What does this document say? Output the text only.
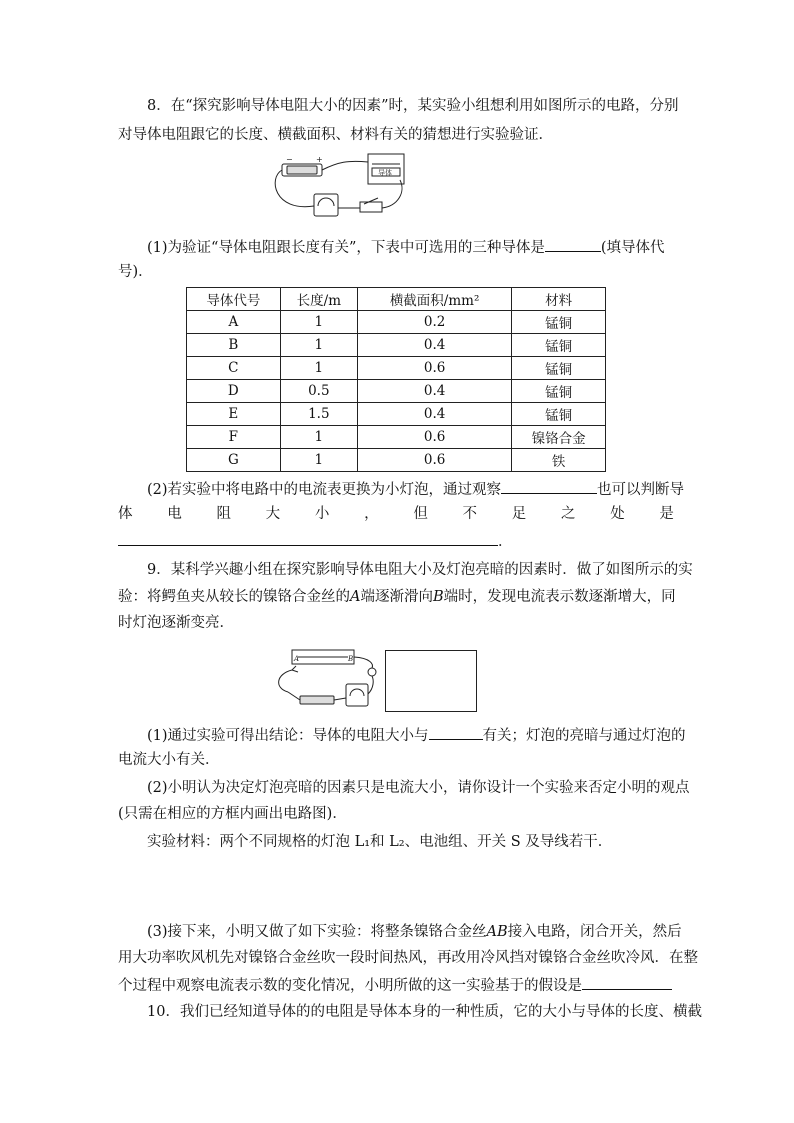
8．在“探究影响导体电阻大小的因素”时，某实验小组想利用如图所示的电路，分别
对导体电阻跟它的长度、横截面积、材料有关的猜想进行实验验证．
−	+
导体
(1)为验证“导体电阻跟长度有关”，下表中可选用的三种导体是	(填导体代
号)．
导体代号	长度/m	横截面积/mm²	材料
A	1	0.2	锰铜
B	1	0.4	锰铜
C	1	0.6	锰铜
D	0.5	0.4	锰铜
E	1.5	0.4	锰铜
F	1	0.6	镍铬合金
G	1	0.6	铁
(2)若实验中将电路中的电流表更换为小灯泡，通过观察	也可以判断导
体 电 阻 大 小 ， 但 不 足 之 处 是
．
9．某科学兴趣小组在探究影响导体电阻大小及灯泡亮暗的因素时．做了如图所示的实
验：将鳄鱼夹从较长的镍铬合金丝的A端逐渐滑向B端时，发现电流表示数逐渐增大，同
时灯泡逐渐变亮．
A	B
(1)通过实验可得出结论：导体的电阻大小与	有关；灯泡的亮暗与通过灯泡的
电流大小有关．
(2)小明认为决定灯泡亮暗的因素只是电流大小，请你设计一个实验来否定小明的观点
(只需在相应的方框内画出电路图)．
实验材料：两个不同规格的灯泡 L₁和 L₂、电池组、开关 S 及导线若干．
(3)接下来，小明又做了如下实验：将整条镍铬合金丝AB接入电路，闭合开关，然后
用大功率吹风机先对镍铬合金丝吹一段时间热风，再改用冷风挡对镍铬合金丝吹冷风．在整
个过程中观察电流表示数的变化情况，小明所做的这一实验基于的假设是
10．我们已经知道导体的的电阻是导体本身的一种性质，它的大小与导体的长度、横截
